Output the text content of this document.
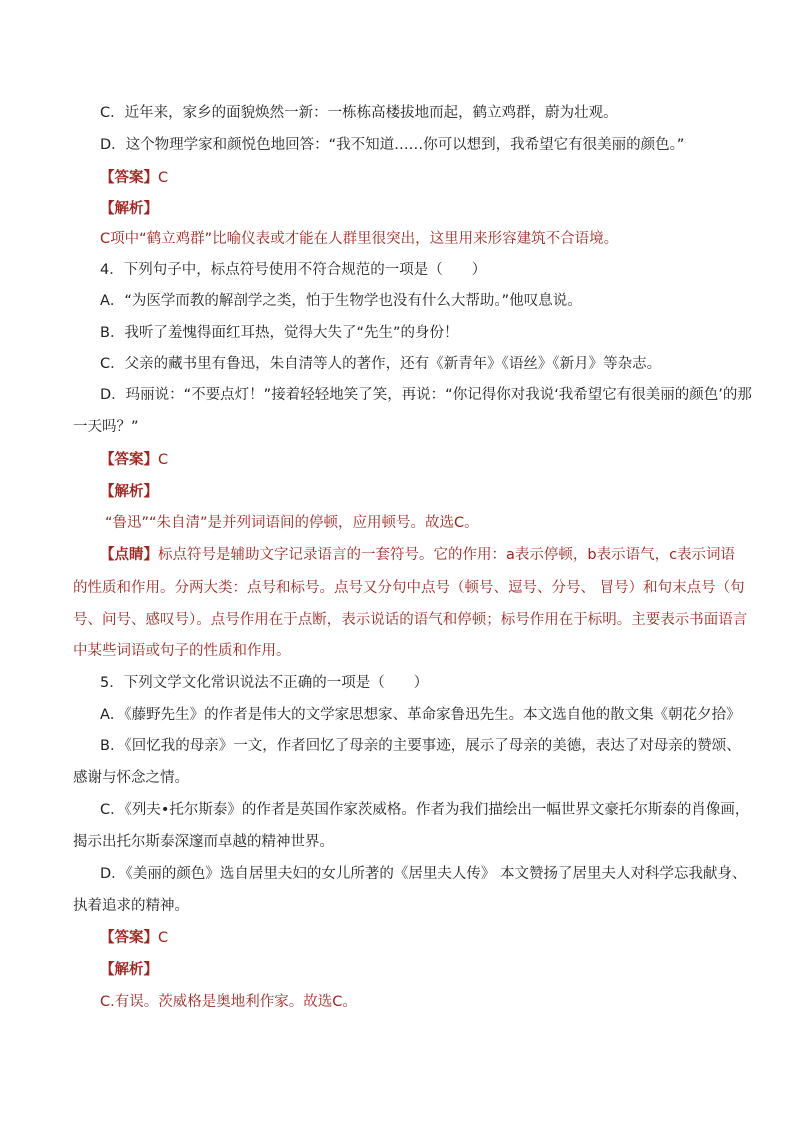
C．近年来，家乡的面貌焕然一新：一栋栋高楼拔地而起，鹤立鸡群，蔚为壮观。
D．这个物理学家和颜悦色地回答：“我不知道……你可以想到，我希望它有很美丽的颜色。”
【答案】C
【解析】
C项中“鹤立鸡群”比喻仪表或才能在人群里很突出，这里用来形容建筑不合语境。
4．下列句子中，标点符号使用不符合规范的一项是（　　）
A．“为医学而教的解剖学之类，怕于生物学也没有什么大帮助。”他叹息说。
B．我听了羞愧得面红耳热，觉得大失了“先生”的身份！
C．父亲的藏书里有鲁迅，朱自清等人的著作，还有《新青年》《语丝》《新月》等杂志。
D．玛丽说：“不要点灯！”接着轻轻地笑了笑，再说：“你记得你对我说‘我希望它有很美丽的颜色’的那
一天吗？”
【答案】C
【解析】
“鲁迅”“朱自清”是并列词语间的停顿，应用顿号。故选C。
【点睛】标点符号是辅助文字记录语言的一套符号。它的作用：a表示停顿，b表示语气，c表示词语
的性质和作用。分两大类：点号和标号。点号又分句中点号（顿号、逗号、分号、 冒号）和句末点号（句
号、问号、感叹号）。点号作用在于点断，表示说话的语气和停顿；标号作用在于标明。主要表示书面语言
中某些词语或句子的性质和作用。
5．下列文学文化常识说法不正确的一项是（　　）
A．《藤野先生》的作者是伟大的文学家思想家、革命家鲁迅先生。本文选自他的散文集《朝花夕拾》
B．《回忆我的母亲》一文，作者回忆了母亲的主要事迹，展示了母亲的美德，表达了对母亲的赞颂、
感谢与怀念之情。
C．《列夫•托尔斯泰》的作者是英国作家茨威格。作者为我们描绘出一幅世界文豪托尔斯泰的肖像画，
揭示出托尔斯泰深邃而卓越的精神世界。
D．《美丽的颜色》选自居里夫妇的女儿所著的《居里夫人传》 本文赞扬了居里夫人对科学忘我献身、
执着追求的精神。
【答案】C
【解析】
C.有误。茨威格是奥地利作家。故选C。
